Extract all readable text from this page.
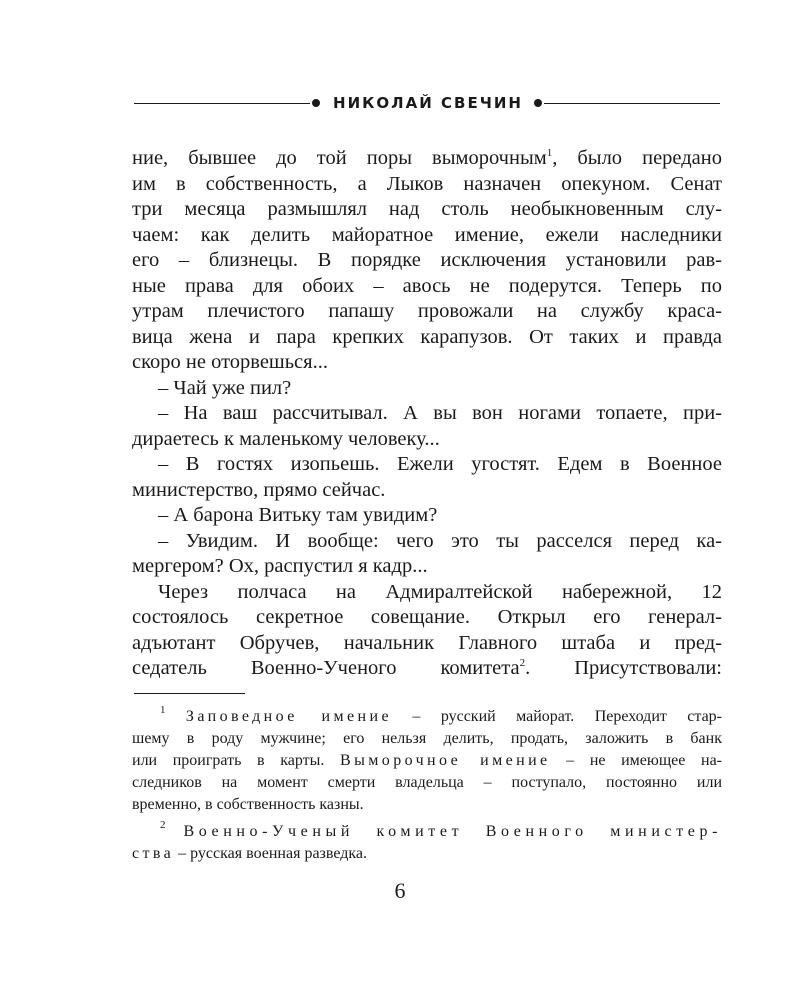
НИКОЛАЙ СВЕЧИН
ние, бывшее до той поры выморочным$^1$, было передано
им в собственность, а Лыков назначен опекуном. Сенат
три месяца размышлял над столь необыкновенным слу-
чаем: как делить майоратное имение, ежели наследники
его – близнецы. В порядке исключения установили рав-
ные права для обоих – авось не подерутся. Теперь по
утрам плечистого папашу провожали на службу краса-
вица жена и пара крепких карапузов. От таких и правда
скоро не оторвешься...
– Чай уже пил?
– На ваш рассчитывал. А вы вон ногами топаете, при-
дираетесь к маленькому человеку...
– В гостях изопьешь. Ежели угостят. Едем в Военное
министерство, прямо сейчас.
– А барона Витьку там увидим?
– Увидим. И вообще: чего это ты расселся перед ка-
мергером? Ох, распустил я кадр...
Через полчаса на Адмиралтейской набережной, 12
состоялось секретное совещание. Открыл его генерал-
адъютант Обручев, начальник Главного штаба и пред-
седатель Военно-Ученого комитета$^2$. Присутствовали:
$^1$ Заповедное имение – русский майорат. Переходит стар-
шему в роду мужчине; его нельзя делить, продать, заложить в банк
или проиграть в карты. Выморочное имение – не имеющее на-
следников на момент смерти владельца – поступало, постоянно или
временно, в собственность казны.
$^2$ Военно-Ученый комитет Военного министер-
ства – русская военная разведка.
6
